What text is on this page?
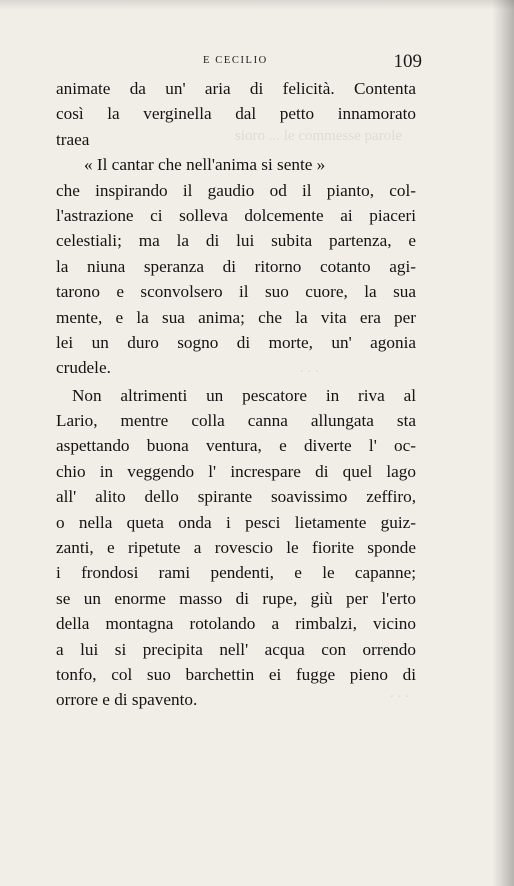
sioro ... le commesse parole
. . .
. . .
E CECILIO	109
animate da un' aria di felicità. Contenta
così la verginella dal petto innamorato
traea
« Il cantar che nell'anima si sente »
che inspirando il gaudio od il pianto, col-
l'astrazione ci solleva dolcemente ai piaceri
celestiali; ma la di lui subita partenza, e
la niuna speranza di ritorno cotanto agi-
tarono e sconvolsero il suo cuore, la sua
mente, e la sua anima; che la vita era per
lei un duro sogno di morte, un' agonia
crudele.
Non altrimenti un pescatore in riva al
Lario, mentre colla canna allungata sta
aspettando buona ventura, e diverte l' oc-
chio in veggendo l' increspare di quel lago
all' alito dello spirante soavissimo zeffiro,
o nella queta onda i pesci lietamente guiz-
zanti, e ripetute a rovescio le fiorite sponde
i frondosi rami pendenti, e le capanne;
se un enorme masso di rupe, giù per l'erto
della montagna rotolando a rimbalzi, vicino
a lui si precipita nell' acqua con orrendo
tonfo, col suo barchettin ei fugge pieno di
orrore e di spavento.
